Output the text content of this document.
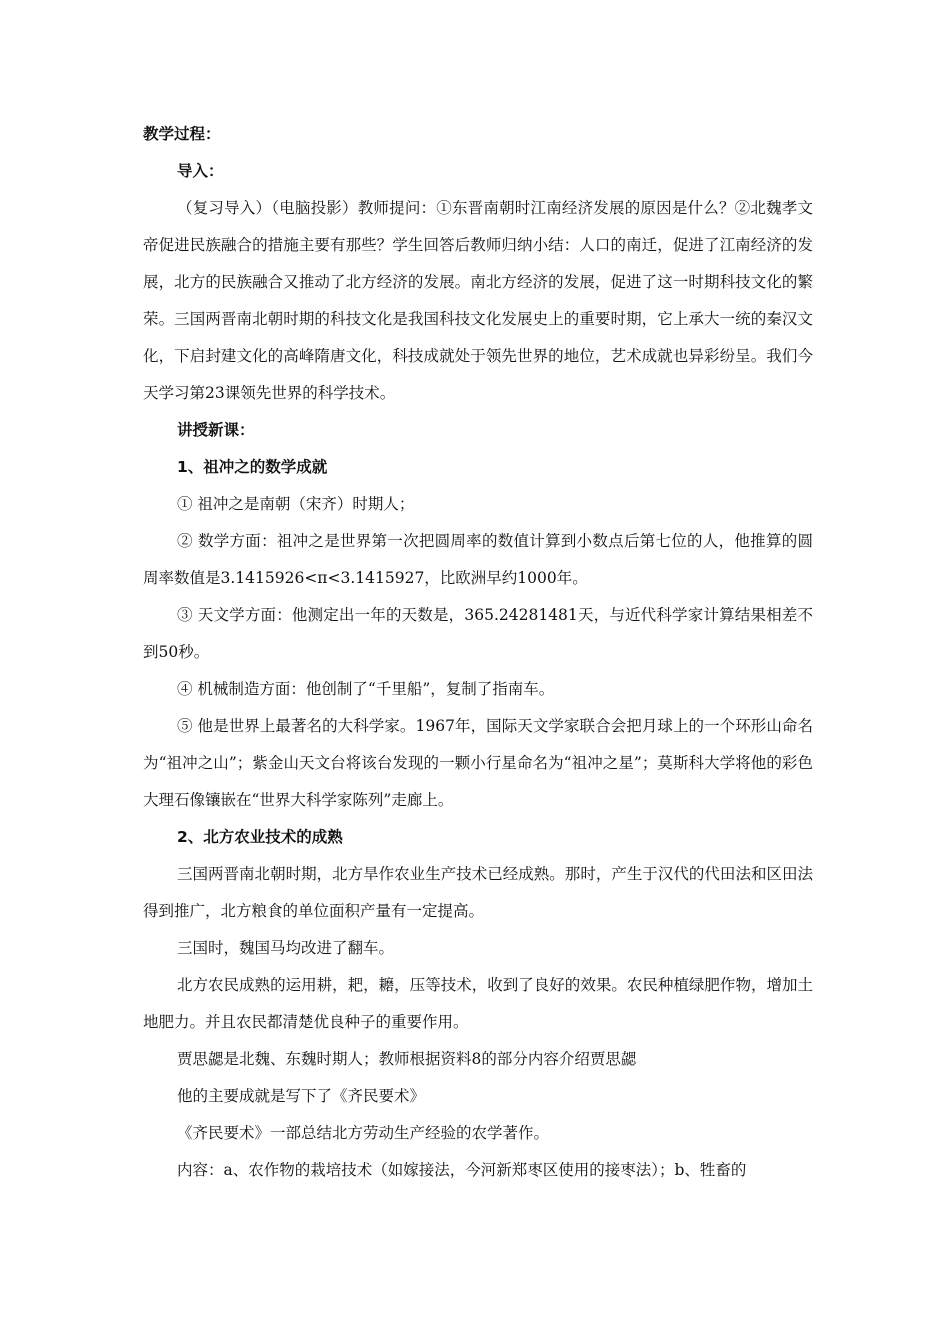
教学过程：

导入：

（复习导入）（电脑投影）教师提问：①东晋南朝时江南经济发展的原因是什么？②北魏孝文帝促进民族融合的措施主要有那些？学生回答后教师归纳小结：人口的南迁，促进了江南经济的发展，北方的民族融合又推动了北方经济的发展。南北方经济的发展，促进了这一时期科技文化的繁荣。三国两晋南北朝时期的科技文化是我国科技文化发展史上的重要时期，它上承大一统的秦汉文化，下启封建文化的高峰隋唐文化，科技成就处于领先世界的地位，艺术成就也异彩纷呈。我们今天学习第23课领先世界的科学技术。

讲授新课：

1、祖冲之的数学成就

① 祖冲之是南朝（宋齐）时期人；

② 数学方面：祖冲之是世界第一次把圆周率的数值计算到小数点后第七位的人，他推算的圆周率数值是3.1415926<π<3.1415927，比欧洲早约1000年。

③ 天文学方面：他测定出一年的天数是，365.24281481天，与近代科学家计算结果相差不到50秒。

④ 机械制造方面：他创制了“千里船”，复制了指南车。

⑤ 他是世界上最著名的大科学家。1967年，国际天文学家联合会把月球上的一个环形山命名为“祖冲之山”；紫金山天文台将该台发现的一颗小行星命名为“祖冲之星”；莫斯科大学将他的彩色大理石像镶嵌在“世界大科学家陈列”走廊上。

2、北方农业技术的成熟

三国两晋南北朝时期，北方旱作农业生产技术已经成熟。那时，产生于汉代的代田法和区田法得到推广，北方粮食的单位面积产量有一定提高。

三国时，魏国马均改进了翻车。

北方农民成熟的运用耕，耙，耱，压等技术，收到了良好的效果。农民种植绿肥作物，增加土地肥力。并且农民都清楚优良种子的重要作用。

贾思勰是北魏、东魏时期人；教师根据资料8的部分内容介绍贾思勰

他的主要成就是写下了《齐民要术》

《齐民要术》一部总结北方劳动生产经验的农学著作。

内容：a、农作物的栽培技术（如嫁接法，今河新郑枣区使用的接枣法）；b、牲畜的
